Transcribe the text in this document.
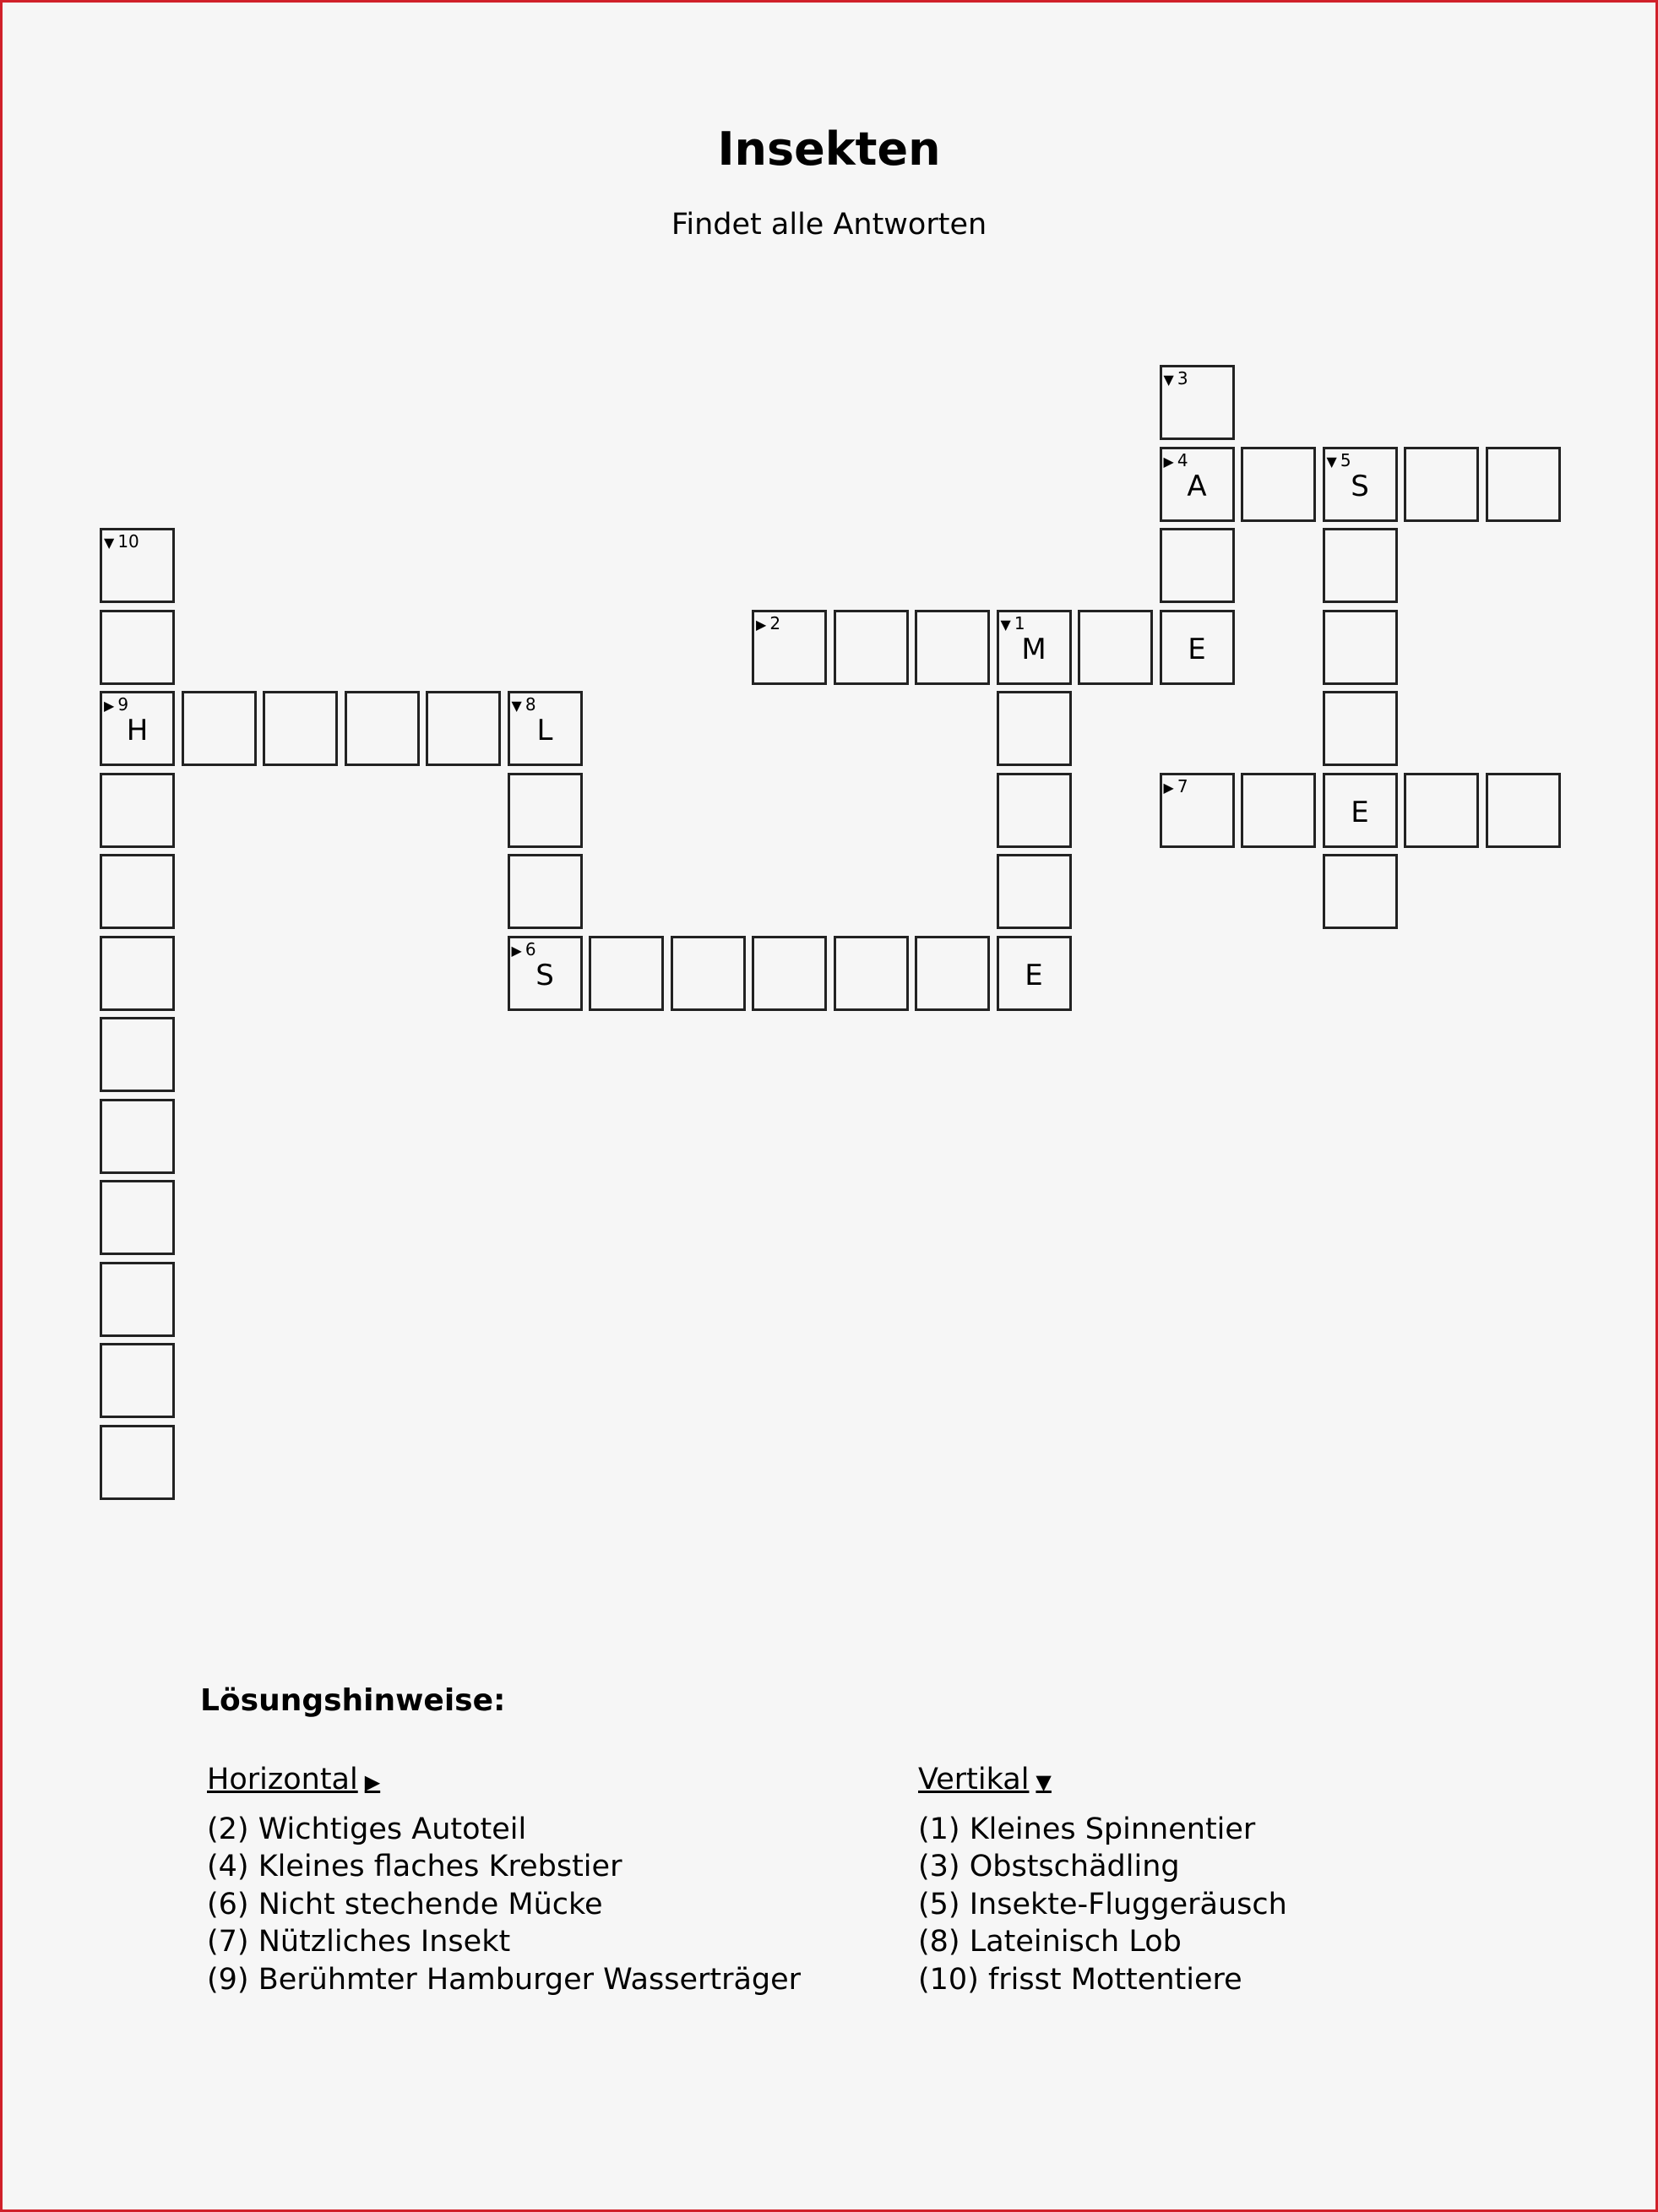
Insekten
Findet alle Antworten
▼ 3
▶ 4
A
▼ 5
S
▼ 10
▶ 2	▼ 1
M	E
▶ 9
H
▼ 8
L
▶ 7
E
▶ 6
S	E
Lösungshinweise:
Horizontal ▶
(2) Wichtiges Autoteil
(4) Kleines flaches Krebstier
(6) Nicht stechende Mücke
(7) Nützliches Insekt
(9) Berühmter Hamburger Wasserträger
Vertikal ▼
(1) Kleines Spinnentier
(3) Obstschädling
(5) Insekte-Fluggeräusch
(8) Lateinisch Lob
(10) frisst Mottentiere
